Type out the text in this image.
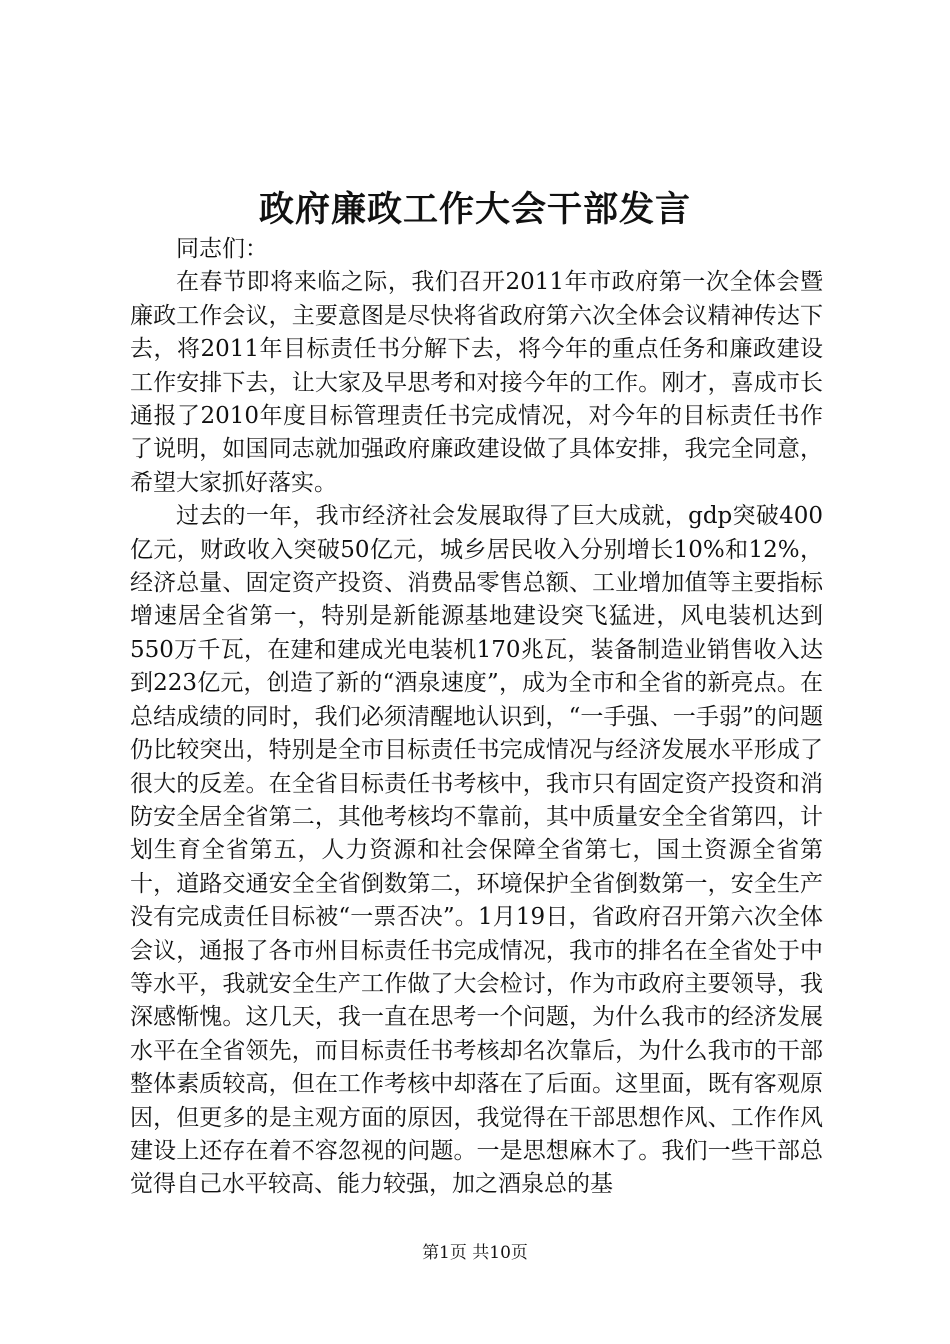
政府廉政工作大会干部发言

同志们：

在春节即将来临之际，我们召开2011年市政府第一次全体会暨廉政工作会议，主要意图是尽快将省政府第六次全体会议精神传达下去，将2011年目标责任书分解下去，将今年的重点任务和廉政建设工作安排下去，让大家及早思考和对接今年的工作。刚才，喜成市长通报了2010年度目标管理责任书完成情况，对今年的目标责任书作了说明，如国同志就加强政府廉政建设做了具体安排，我完全同意，希望大家抓好落实。

过去的一年，我市经济社会发展取得了巨大成就，gdp突破400亿元，财政收入突破50亿元，城乡居民收入分别增长10%和12%，经济总量、固定资产投资、消费品零售总额、工业增加值等主要指标增速居全省第一，特别是新能源基地建设突飞猛进，风电装机达到550万千瓦，在建和建成光电装机170兆瓦，装备制造业销售收入达到223亿元，创造了新的“酒泉速度”，成为全市和全省的新亮点。在总结成绩的同时，我们必须清醒地认识到，“一手强、一手弱”的问题仍比较突出，特别是全市目标责任书完成情况与经济发展水平形成了很大的反差。在全省目标责任书考核中，我市只有固定资产投资和消防安全居全省第二，其他考核均不靠前，其中质量安全全省第四，计划生育全省第五，人力资源和社会保障全省第七，国土资源全省第十，道路交通安全全省倒数第二，环境保护全省倒数第一，安全生产没有完成责任目标被“一票否决”。1月19日，省政府召开第六次全体会议，通报了各市州目标责任书完成情况，我市的排名在全省处于中等水平，我就安全生产工作做了大会检讨，作为市政府主要领导，我深感惭愧。这几天，我一直在思考一个问题，为什么我市的经济发展水平在全省领先，而目标责任书考核却名次靠后，为什么我市的干部整体素质较高，但在工作考核中却落在了后面。这里面，既有客观原因，但更多的是主观方面的原因，我觉得在干部思想作风、工作作风建设上还存在着不容忽视的问题。一是思想麻木了。我们一些干部总觉得自己水平较高、能力较强，加之酒泉总的基

第1页 共10页
